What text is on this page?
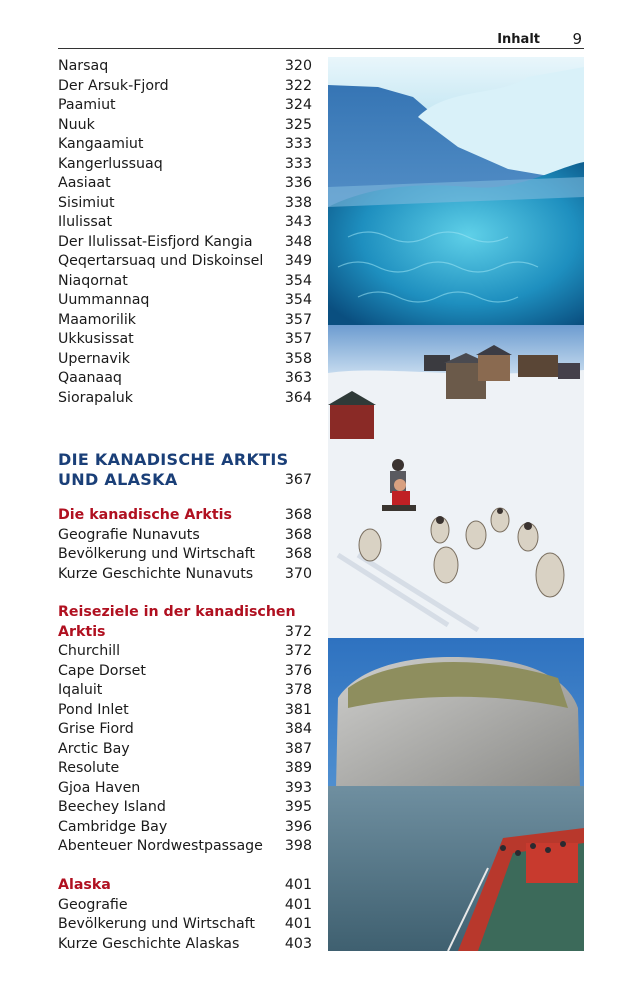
Inhalt 9
Narsaq	320
Der Arsuk-Fjord	322
Paamiut	324
Nuuk	325
Kangaamiut	333
Kangerlussuaq	333
Aasiaat	336
Sisimiut	338
Ilulissat	343
Der Ilulissat-Eisfjord Kangia 348
Qeqertarsuaq und Diskoinsel 349
Niaqornat	354
Uummannaq	354
Maamorilik	357
Ukkusissat	357
Upernavik	358
Qaanaaq	363
Siorapaluk	364
DIE KANADISCHE ARKTIS
UND ALASKA	367
Die kanadische Arktis	368
Geografie Nunavuts	368
Bevölkerung und Wirtschaft 368
Kurze Geschichte Nunavuts 370
Reiseziele in der kanadischen
Arktis	372
Churchill	372
Cape Dorset	376
Iqaluit	378
Pond Inlet	381
Grise Fiord	384
Arctic Bay	387
Resolute	389
Gjoa Haven	393
Beechey Island	395
Cambridge Bay	396
Abenteuer Nordwestpassage 398
Alaska	401
Geografie	401
Bevölkerung und Wirtschaft 401
Kurze Geschichte Alaskas	403
